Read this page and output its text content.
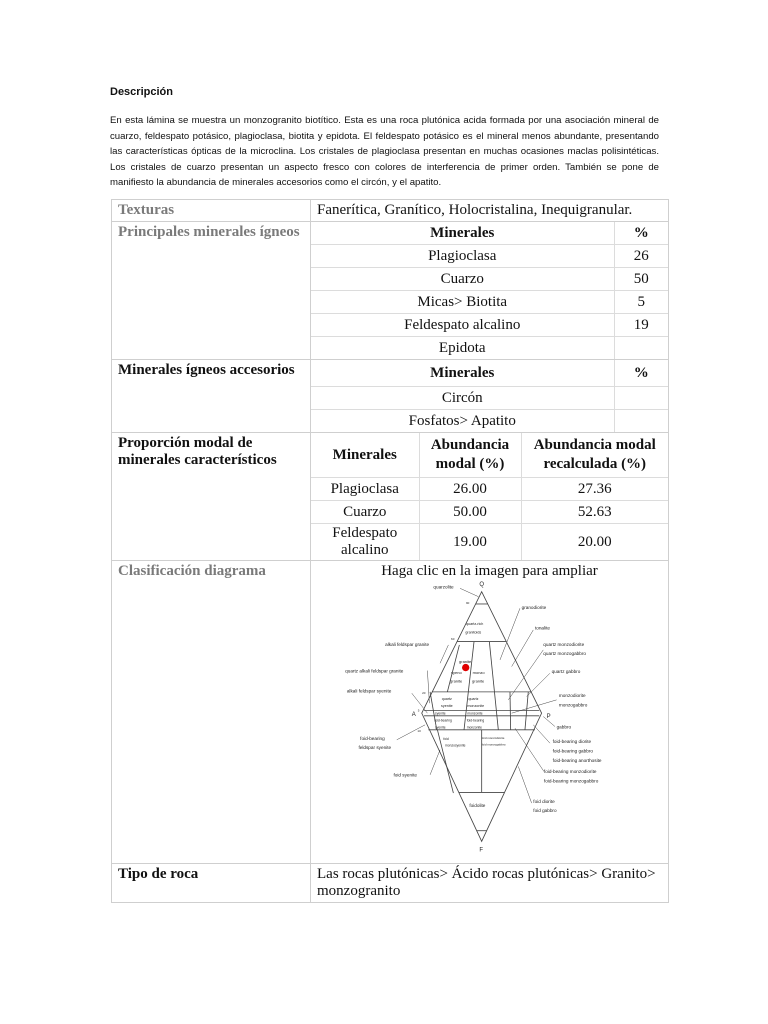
Descripción
En esta lámina se muestra un monzogranito biotítico. Esta es una roca plutónica acida formada por una asociación mineral de cuarzo, feldespato potásico, plagioclasa, biotita y epidota. El feldespato potásico es el mineral menos abundante, presentando las características ópticas de la microclina. Los cristales de plagioclasa presentan en muchas ocasiones maclas polisintéticas. Los cristales de cuarzo presentan un aspecto fresco con colores de interferencia de primer orden. También se pone de manifiesto la abundancia de minerales accesorios como el circón, y el apatito.
Texturas	Fanerítica, Granítico, Holocristalina, Inequigranular.
Principales minerales ígneos		Minerales	%
Plagioclasa	26
Cuarzo	50
Micas> Biotita	5
Feldespato alcalino	19
Epidota	

Minerales ígneos accesorios		Minerales	%
Circón	
Fosfatos> Apatito	

Proporción modal de minerales característicos		Minerales	Abundancia modal (%)	Abundancia modal recalculada (%)
Plagioclasa	26.00	27.36
Cuarzo	50.00	52.63
Feldespato alcalino	19.00	20.00

Clasificación diagrama	Haga clic en la imagen para ampliar
Q
A	P
F
quarzolite
granodiorite
tonalite
quartz monzodiorite
quartz monzogabbro
quartz gabbro
monzodiorite
monzogabbro
gabbro
foid-bearing diorite
foid-bearing gabbro
foid-bearing anorthosite
foid-bearing monzodiorite
foid-bearing monzogabbro
foid diorite
foid gabbro
foidolite
alkali feldspar granite
quartz alkali feldspar granite
alkali feldspar syenite
foid-bearing
feldspar syenite
foid syenite
quartz-rich
granitoids
granite
syeno
granite
monzo
granite
quartz
syenite
quartz
monzonite
syenite monzonite
foid-bearing
syenite
foid-bearing
monzonite
foid
monzosyenite
foid monzodiorite
foid monzogabbro
90
60
20
5
10

Tipo de roca	Las rocas plutónicas> Ácido rocas plutónicas> Granito> monzogranito
